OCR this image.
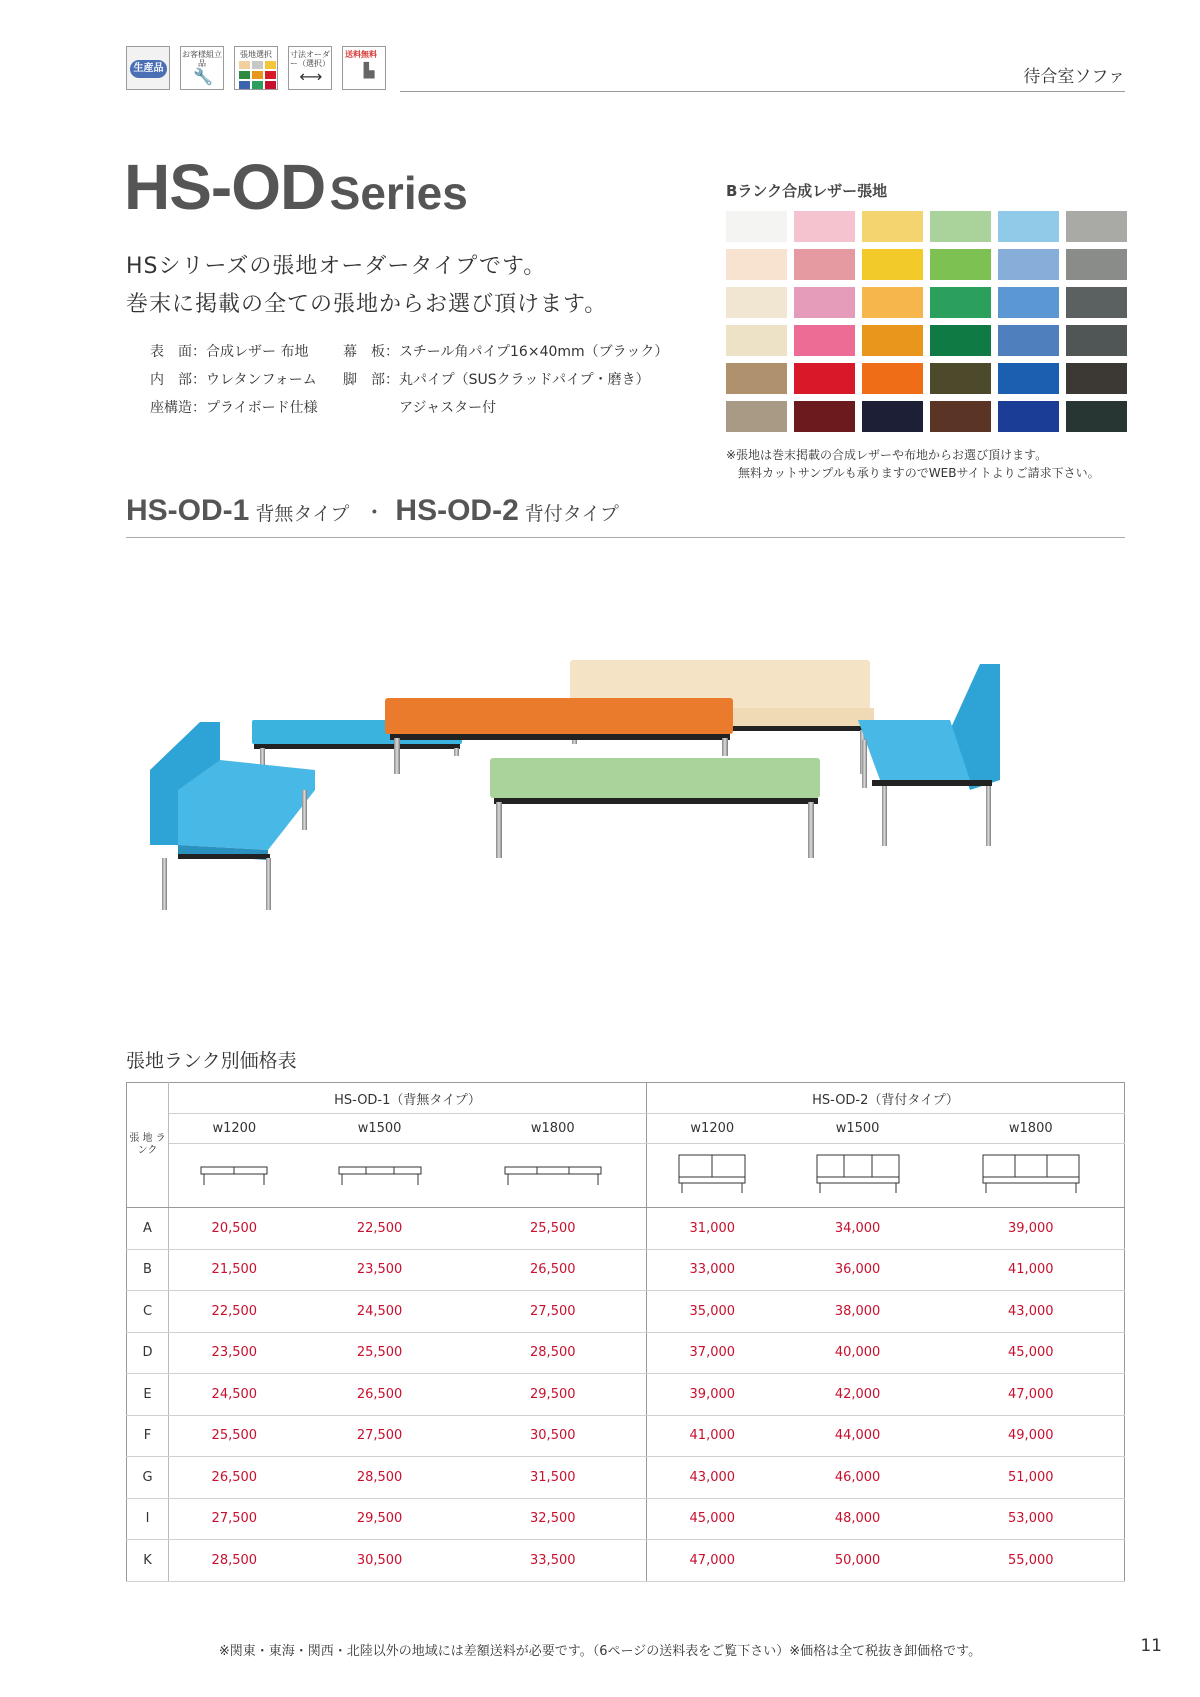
生産品
お客様組立品
🔧
張地選択	寸法オーダー（選択）
⟷
送料無料
▙	待合室ソファ
HS-OD Series
HSシリーズの張地オーダータイプです。
巻末に掲載の全ての張地からお選び頂けます。
表　面：合成レザー 布地
内　部：ウレタンフォーム
座構造：プライボード仕様
幕　板：スチール角パイプ16×40mm（ブラック）
脚　部：丸パイプ（SUSクラッドパイプ・磨き）
　　　　アジャスター付
Bランク合成レザー張地
※張地は巻末掲載の合成レザーや布地からお選び頂けます。
　無料カットサンプルも承りますのでWEBサイトよりご請求下さい。
HS-OD-1 背無タイプ ・ HS-OD-2 背付タイプ
張地ランク別価格表
張 地 ランク	HS-OD-1（背無タイプ）			HS-OD-2（背付タイプ）		
	w1200	w1500	w1800	w1200	w1500	w1800

A	20,500	22,500	25,500	31,000	34,000	39,000
B	21,500	23,500	26,500	33,000	36,000	41,000
C	22,500	24,500	27,500	35,000	38,000	43,000
D	23,500	25,500	28,500	37,000	40,000	45,000
E	24,500	26,500	29,500	39,000	42,000	47,000
F	25,500	27,500	30,500	41,000	44,000	49,000
G	26,500	28,500	31,500	43,000	46,000	51,000
I	27,500	29,500	32,500	45,000	48,000	53,000
K	28,500	30,500	33,500	47,000	50,000	55,000
※関東・東海・関西・北陸以外の地域には差額送料が必要です。（6ページの送料表をご覧下さい）※価格は全て税抜き卸価格です。	11
